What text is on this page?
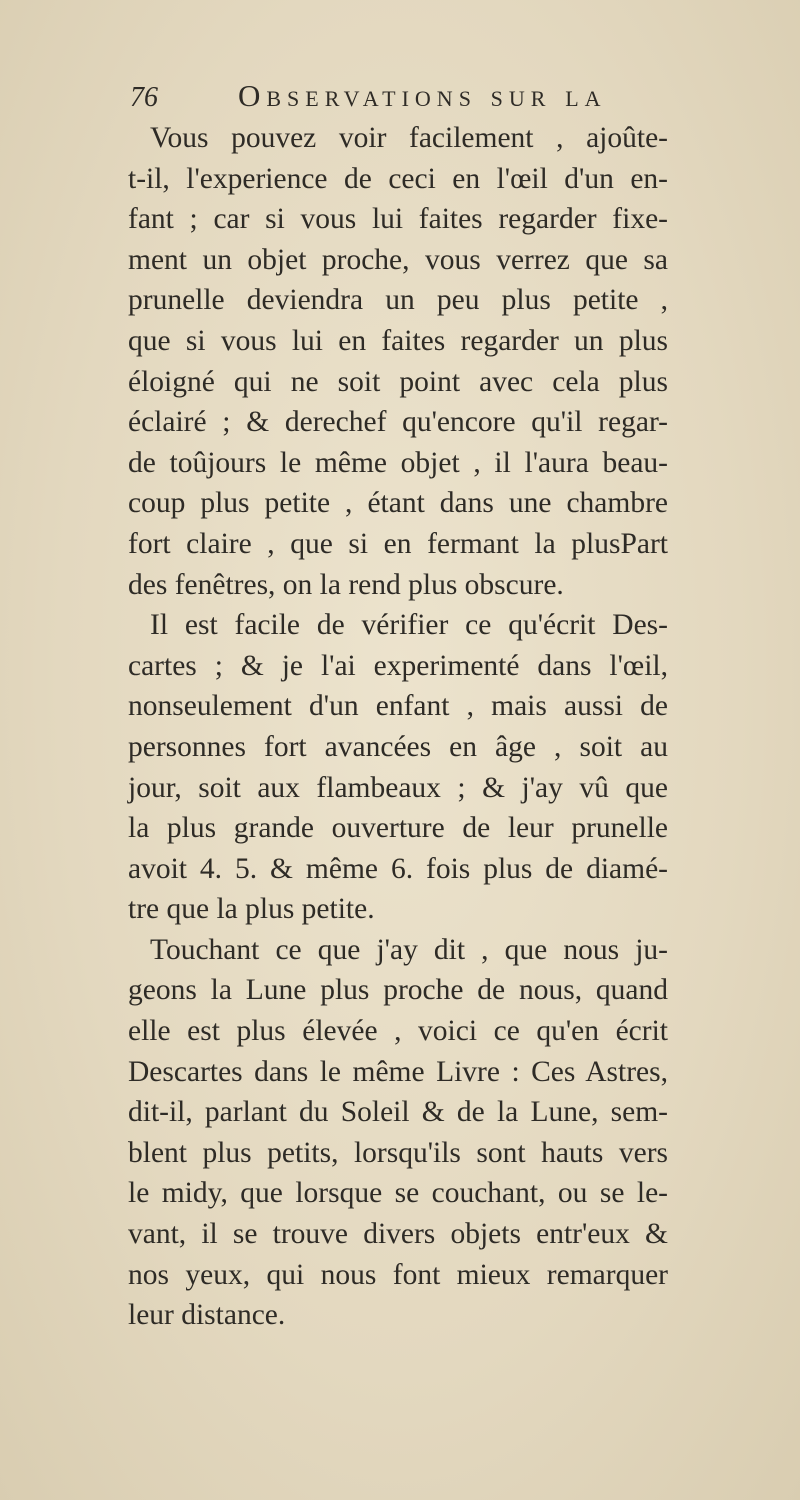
76	Observations sur la
Vous pouvez voir facilement , ajoûte-
t-il, l'experience de ceci en l'œil d'un en-
fant ; car si vous lui faites regarder fixe-
ment un objet proche, vous verrez que sa
prunelle deviendra un peu plus petite ,
que si vous lui en faites regarder un plus
éloigné qui ne soit point avec cela plus
éclairé ; & derechef qu'encore qu'il regar-
de toûjours le même objet , il l'aura beau-
coup plus petite , étant dans une chambre
fort claire , que si en fermant la plusPart
des fenêtres, on la rend plus obscure.
Il est facile de vérifier ce qu'écrit Des-
cartes ; & je l'ai experimenté dans l'œil,
nonseulement d'un enfant , mais aussi de
personnes fort avancées en âge , soit au
jour, soit aux flambeaux ; & j'ay vû que
la plus grande ouverture de leur prunelle
avoit 4. 5. & même 6. fois plus de diamé-
tre que la plus petite.
Touchant ce que j'ay dit , que nous ju-
geons la Lune plus proche de nous, quand
elle est plus élevée , voici ce qu'en écrit
Descartes dans le même Livre : Ces Astres,
dit-il, parlant du Soleil & de la Lune, sem-
blent plus petits, lorsqu'ils sont hauts vers
le midy, que lorsque se couchant, ou se le-
vant, il se trouve divers objets entr'eux &
nos yeux, qui nous font mieux remarquer
leur distance.
